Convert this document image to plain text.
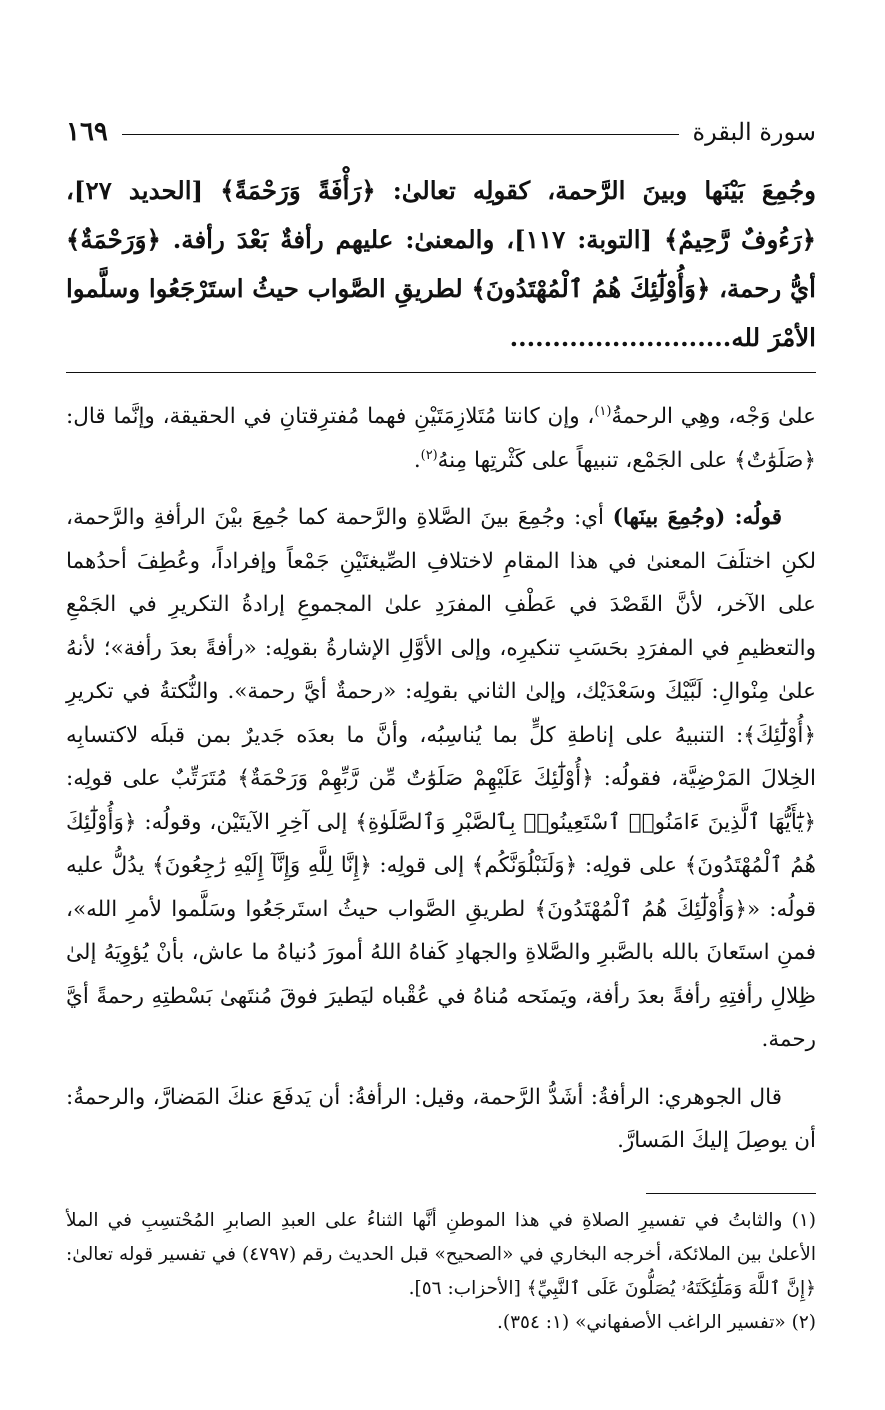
سورة البقرة
١٦٩

وجُمِعَ بَيْنَها وبينَ الرَّحمة، كقولِه تعالىٰ: ﴿رَأْفَةً وَرَحْمَةً﴾ [الحديد ٢٧]، ﴿رَءُوفٌ رَّحِيمٌ﴾ [التوبة: ١١٧]، والمعنىٰ: عليهم رأفةٌ بَعْدَ رأفة. ﴿وَرَحْمَةٌ﴾ أيُّ رحمة، ﴿وَأُوْلَٰٓئِكَ هُمُ ٱلْمُهْتَدُونَ﴾ لطريقِ الصَّواب حيثُ استَرْجَعُوا وسلَّموا الأمْرَ لله..........................

علىٰ وَجْه، وهِي الرحمةُ$^{(١)}$، وإن كانتا مُتَلازِمَتَيْنِ فهما مُفترِقتانِ في الحقيقة، وإنَّما قال: ﴿صَلَوَٰتٌ﴾ على الجَمْع، تنبيهاً على كَثْرتِها مِنهُ$^{(٢)}$.

قولُه: (وجُمِعَ بينَها) أي: وجُمِعَ بينَ الصَّلاةِ والرَّحمة كما جُمِعَ بيْنَ الرأفةِ والرَّحمة، لكنِ اختلَفَ المعنىٰ في هذا المقامِ لاختلافِ الصِّيغتَيْنِ جَمْعاً وإفراداً، وعُطِفَ أحدُهما على الآخر، لأنَّ القَصْدَ في عَطْفِ المفرَدِ علىٰ المجموعِ إرادةُ التكريرِ في الجَمْعِ والتعظيمِ في المفرَدِ بحَسَبِ تنكيرِه، وإلى الأوَّلِ الإشارةُ بقولِه: «رأفةً بعدَ رأفة»؛ لأنهُ علىٰ مِنْوالِ: لَبَّيْكَ وسَعْدَيْك، وإلىٰ الثاني بقولِه: «رحمةٌ أيَّ رحمة». والنُّكتةُ في تكريرِ ﴿أُوْلَٰٓئِكَ﴾: التنبيهُ على إناطةِ كلٍّ بما يُناسِبُه، وأنَّ ما بعدَه جَديرٌ بمن قبلَه لاكتسابِه الخِلالَ المَرْضِيَّة، فقولُه: ﴿أُوْلَٰٓئِكَ عَلَيْهِمْ صَلَوَٰتٌ مِّن رَّبِّهِمْ وَرَحْمَةٌ﴾ مُتَرَتِّبٌ على قولِه: ﴿يَٰٓأَيُّهَا ٱلَّذِينَ ءَامَنُوا۟ ٱسْتَعِينُوا۟ بِٱلصَّبْرِ وَٱلصَّلَوٰةِ﴾ إلى آخِرِ الآيتَيْن، وقولُه: ﴿وَأُوْلَٰٓئِكَ هُمُ ٱلْمُهْتَدُونَ﴾ على قولِه: ﴿وَلَنَبْلُوَنَّكُم﴾ إلى قولِه: ﴿إِنَّا لِلَّهِ وَإِنَّآ إِلَيْهِ رَٰجِعُونَ﴾ يدُلُّ عليه قولُه: «﴿وَأُوْلَٰٓئِكَ هُمُ ٱلْمُهْتَدُونَ﴾ لطريقِ الصَّواب حيثُ استَرجَعُوا وسَلَّموا لأمرِ الله»، فمنِ استَعانَ بالله بالصَّبرِ والصَّلاةِ والجهادِ كَفاهُ اللهُ أمورَ دُنياهُ ما عاش، بأنْ يُؤوِيَهُ إلىٰ ظِلالِ رأفتِهِ رأفةً بعدَ رأفة، ويَمنَحه مُناهُ في عُقْباه ليَطيرَ فوقَ مُنتَهىٰ بَسْطتِهِ رحمةً أيَّ رحمة.

قال الجوهري: الرأفةُ: أشَدُّ الرَّحمة، وقيل: الرأفةُ: أن يَدفَعَ عنكَ المَضارَّ، والرحمةُ: أن يوصِلَ إليكَ المَسارَّ.

(١) والثابتُ في تفسيرِ الصلاةِ في هذا الموطنِ أنَّها الثناءُ على العبدِ الصابرِ المُحْتسِبِ في الملأ الأعلىٰ بين الملائكة، أخرجه البخاري في «الصحيح» قبل الحديث رقم (٤٧٩٧) في تفسير قوله تعالىٰ: ﴿إِنَّ ٱللَّهَ وَمَلَٰٓئِكَتَهُۥ يُصَلُّونَ عَلَى ٱلنَّبِيِّ﴾ [الأحزاب: ٥٦].

(٢) «تفسير الراغب الأصفهاني» (١: ٣٥٤).
